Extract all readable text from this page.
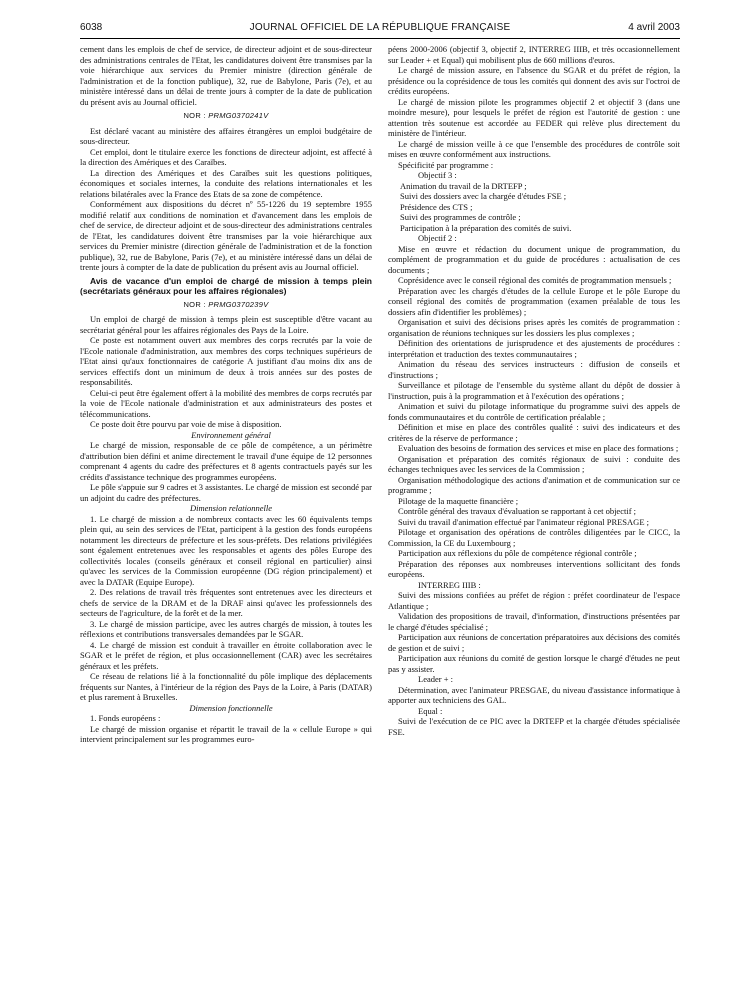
6038	JOURNAL OFFICIEL DE LA RÉPUBLIQUE FRANÇAISE	4 avril 2003

cement dans les emplois de chef de service, de directeur adjoint et de sous-directeur des administrations centrales de l'Etat, les candidatures doivent être transmises par la voie hiérarchique aux services du Premier ministre (direction générale de l'administration et de la fonction publique), 32, rue de Babylone, Paris (7e), et au ministère intéressé dans un délai de trente jours à compter de la date de publication du présent avis au Journal officiel.

NOR : PRMG0370241V

Est déclaré vacant au ministère des affaires étrangères un emploi budgétaire de sous-directeur.

Cet emploi, dont le titulaire exerce les fonctions de directeur adjoint, est affecté à la direction des Amériques et des Caraïbes.

La direction des Amériques et des Caraïbes suit les questions politiques, économiques et sociales internes, la conduite des relations internationales et les relations bilatérales avec la France des Etats de sa zone de compétence.

Conformément aux dispositions du décret nº 55-1226 du 19 septembre 1955 modifié relatif aux conditions de nomination et d'avancement dans les emplois de chef de service, de directeur adjoint et de sous-directeur des administrations centrales de l'Etat, les candidatures doivent être transmises par la voie hiérarchique aux services du Premier ministre (direction générale de l'administration et de la fonction publique), 32, rue de Babylone, Paris (7e), et au ministère intéressé dans un délai de trente jours à compter de la date de publication du présent avis au Journal officiel.

Avis de vacance d'un emploi de chargé de mission à temps plein (secrétariats généraux pour les affaires régionales)

NOR : PRMG0370239V

Un emploi de chargé de mission à temps plein est susceptible d'être vacant au secrétariat général pour les affaires régionales des Pays de la Loire.

Ce poste est notamment ouvert aux membres des corps recrutés par la voie de l'Ecole nationale d'administration, aux membres des corps techniques supérieurs de l'Etat ainsi qu'aux fonctionnaires de catégorie A justifiant d'au moins dix ans de services effectifs dont un minimum de deux à trois années sur des postes de responsabilités.

Celui-ci peut être également offert à la mobilité des membres de corps recrutés par la voie de l'Ecole nationale d'administration et aux administrateurs des postes et télécommunications.

Ce poste doit être pourvu par voie de mise à disposition.

Environnement général

Le chargé de mission, responsable de ce pôle de compétence, a un périmètre d'attribution bien défini et anime directement le travail d'une équipe de 12 personnes comprenant 4 agents du cadre des préfectures et 8 agents contractuels payés sur les crédits d'assistance technique des programmes européens.

Le pôle s'appuie sur 9 cadres et 3 assistantes. Le chargé de mission est secondé par un adjoint du cadre des préfectures.

Dimension relationnelle

1. Le chargé de mission a de nombreux contacts avec les 60 équivalents temps plein qui, au sein des services de l'Etat, participent à la gestion des fonds européens notamment les directeurs de préfecture et les sous-préfets. Des relations privilégiées sont également entretenues avec les responsables et agents des pôles Europe des collectivités locales (conseils généraux et conseil régional en particulier) ainsi qu'avec les services de la Commission européenne (DG région principalement) et avec la DATAR (Equipe Europe).

2. Des relations de travail très fréquentes sont entretenues avec les directeurs et chefs de service de la DRAM et de la DRAF ainsi qu'avec les professionnels des secteurs de l'agriculture, de la forêt et de la mer.

3. Le chargé de mission participe, avec les autres chargés de mission, à toutes les réflexions et contributions transversales demandées par le SGAR.

4. Le chargé de mission est conduit à travailler en étroite collaboration avec le SGAR et le préfet de région, et plus occasionnellement (CAR) avec les secrétaires généraux et les préfets.

Ce réseau de relations lié à la fonctionnalité du pôle implique des déplacements fréquents sur Nantes, à l'intérieur de la région des Pays de la Loire, à Paris (DATAR) et plus rarement à Bruxelles.

Dimension fonctionnelle

1. Fonds européens :

Le chargé de mission organise et répartit le travail de la « cellule Europe » qui intervient principalement sur les programmes euro-

péens 2000-2006 (objectif 3, objectif 2, INTERREG IIIB, et très occasionnellement sur Leader + et Equal) qui mobilisent plus de 660 millions d'euros.

Le chargé de mission assure, en l'absence du SGAR et du préfet de région, la présidence ou la coprésidence de tous les comités qui donnent des avis sur l'octroi de crédits européens.

Le chargé de mission pilote les programmes objectif 2 et objectif 3 (dans une moindre mesure), pour lesquels le préfet de région est l'autorité de gestion : une attention très soutenue est accordée au FEDER qui relève plus directement du ministère de l'intérieur.

Le chargé de mission veille à ce que l'ensemble des procédures de contrôle soit mises en œuvre conformément aux instructions.

Spécificité par programme :

Objectif 3 :

Animation du travail de la DRTEFP ;

Suivi des dossiers avec la chargée d'études FSE ;

Présidence des CTS ;

Suivi des programmes de contrôle ;

Participation à la préparation des comités de suivi.

Objectif 2 :

Mise en œuvre et rédaction du document unique de programmation, du complément de programmation et du guide de procédures : actualisation de ces documents ;

Coprésidence avec le conseil régional des comités de programmation mensuels ;

Préparation avec les chargés d'études de la cellule Europe et le pôle Europe du conseil régional des comités de programmation (examen préalable de tous les dossiers afin d'identifier les problèmes) ;

Organisation et suivi des décisions prises après les comités de programmation : organisation de réunions techniques sur les dossiers les plus complexes ;

Définition des orientations de jurisprudence et des ajustements de procédures : interprétation et traduction des textes communautaires ;

Animation du réseau des services instructeurs : diffusion de conseils et d'instructions ;

Surveillance et pilotage de l'ensemble du système allant du dépôt de dossier à l'instruction, puis à la programmation et à l'exécution des opérations ;

Animation et suivi du pilotage informatique du programme suivi des appels de fonds communautaires et du contrôle de certification préalable ;

Définition et mise en place des contrôles qualité : suivi des indicateurs et des critères de la réserve de performance ;

Evaluation des besoins de formation des services et mise en place des formations ;

Organisation et préparation des comités régionaux de suivi : conduite des échanges techniques avec les services de la Commission ;

Organisation méthodologique des actions d'animation et de communication sur ce programme ;

Pilotage de la maquette financière ;

Contrôle général des travaux d'évaluation se rapportant à cet objectif ;

Suivi du travail d'animation effectué par l'animateur régional PRESAGE ;

Pilotage et organisation des opérations de contrôles diligentées par le CICC, la Commission, la CE du Luxembourg ;

Participation aux réflexions du pôle de compétence régional contrôle ;

Préparation des réponses aux nombreuses interventions sollicitant des fonds européens.

INTERREG IIIB :

Suivi des missions confiées au préfet de région : préfet coordinateur de l'espace Atlantique ;

Validation des propositions de travail, d'information, d'instructions présentées par le chargé d'études spécialisé ;

Participation aux réunions de concertation préparatoires aux décisions des comités de gestion et de suivi ;

Participation aux réunions du comité de gestion lorsque le chargé d'études ne peut pas y assister.

Leader + :

Détermination, avec l'animateur PRESGAE, du niveau d'assistance informatique à apporter aux techniciens des GAL.

Equal :

Suivi de l'exécution de ce PIC avec la DRTEFP et la chargée d'études spécialisée FSE.
